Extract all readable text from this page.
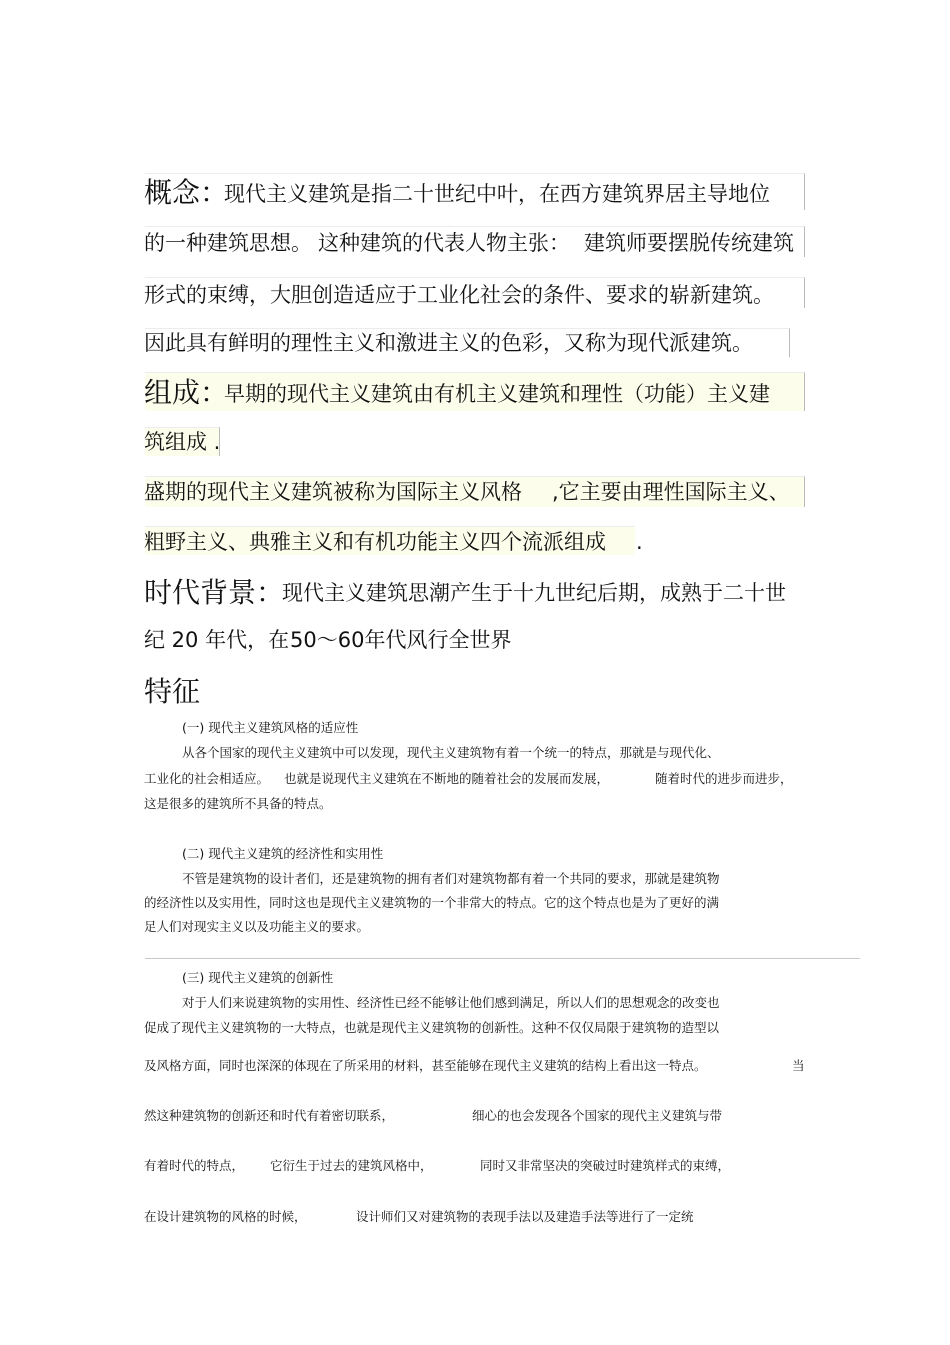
概念：
现代主义建筑是指二十世纪中叶，在西方建筑界居主导地位
的一种建筑思想。 这种建筑的代表人物主张： 建筑师要摆脱传统建筑
形式的束缚，大胆创造适应于工业化社会的条件、要求的崭新建筑。
因此具有鲜明的理性主义和激进主义的色彩，又称为现代派建筑。
组成：
早期的现代主义建筑由有机主义建筑和理性（功能）主义建
筑组成 .
盛期的现代主义建筑被称为国际主义风格 ,它主要由理性国际主义、
粗野主义、典雅主义和有机功能主义四个流派组成 .
时代背景：
现代主义建筑思潮产生于十九世纪后期，成熟于二十世
纪 20 年代，在 50～60年代风行全世界
特征
(一) 现代主义建筑风格的适应性
从各个国家的现代主义建筑中可以发现，现代主义建筑物有着一个统一的特点，那就是与现代化、
工业化的社会相适应。 也就是说现代主义建筑在不断地的随着社会的发展而发展，	随着时代的进步而进步，
这是很多的建筑所不具备的特点。
(二) 现代主义建筑的经济性和实用性
不管是建筑物的设计者们，还是建筑物的拥有者们对建筑物都有着一个共同的要求，那就是建筑物
的经济性以及实用性，同时这也是现代主义建筑物的一个非常大的特点。它的这个特点也是为了更好的满
足人们对现实主义以及功能主义的要求。
(三) 现代主义建筑的创新性
对于人们来说建筑物的实用性、经济性已经不能够让他们感到满足，所以人们的思想观念的改变也
促成了现代主义建筑物的一大特点，也就是现代主义建筑物的创新性。这种不仅仅局限于建筑物的造型以
及风格方面，同时也深深的体现在了所采用的材料，甚至能够在现代主义建筑的结构上看出这一特点。	当
然这种建筑物的创新还和时代有着密切联系，	细心的也会发现各个国家的现代主义建筑与带
有着时代的特点， 它衍生于过去的建筑风格中，	同时又非常坚决的突破过时建筑样式的束缚，
在设计建筑物的风格的时候，	设计师们又对建筑物的表现手法以及建造手法等进行了一定统
